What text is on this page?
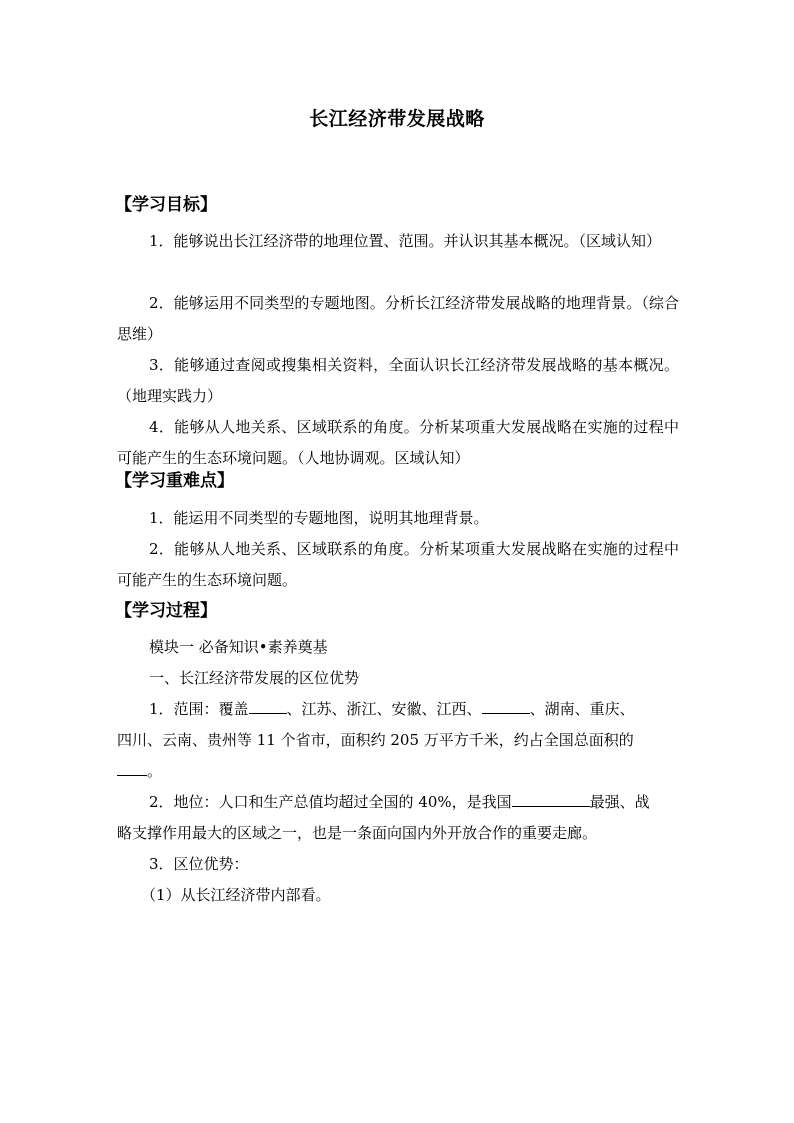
长江经济带发展战略
【学习目标】
1．能够说出长江经济带的地理位置、范围。并认识其基本概况。（区域认知）
2．能够运用不同类型的专题地图。分析长江经济带发展战略的地理背景。（综合思维）
3．能够通过查阅或搜集相关资料，全面认识长江经济带发展战略的基本概况。（地理实践力）
4．能够从人地关系、区域联系的角度。分析某项重大发展战略在实施的过程中可能产生的生态环境问题。（人地协调观。区域认知）
【学习重难点】
1．能运用不同类型的专题地图，说明其地理背景。
2．能够从人地关系、区域联系的角度。分析某项重大发展战略在实施的过程中可能产生的生态环境问题。
【学习过程】
模块一 必备知识•素养奠基
一、长江经济带发展的区位优势
1．范围：覆盖	、江苏、浙江、安徽、江西、	、湖南、重庆、
四川、云南、贵州等 11 个省市，面积约 205 万平方千米，约占全国总面积的
。
2．地位：人口和生产总值均超过全国的 40%，是我国	最强、战
略支撑作用最大的区域之一，也是一条面向国内外开放合作的重要走廊。
3．区位优势：
（1）从长江经济带内部看。
